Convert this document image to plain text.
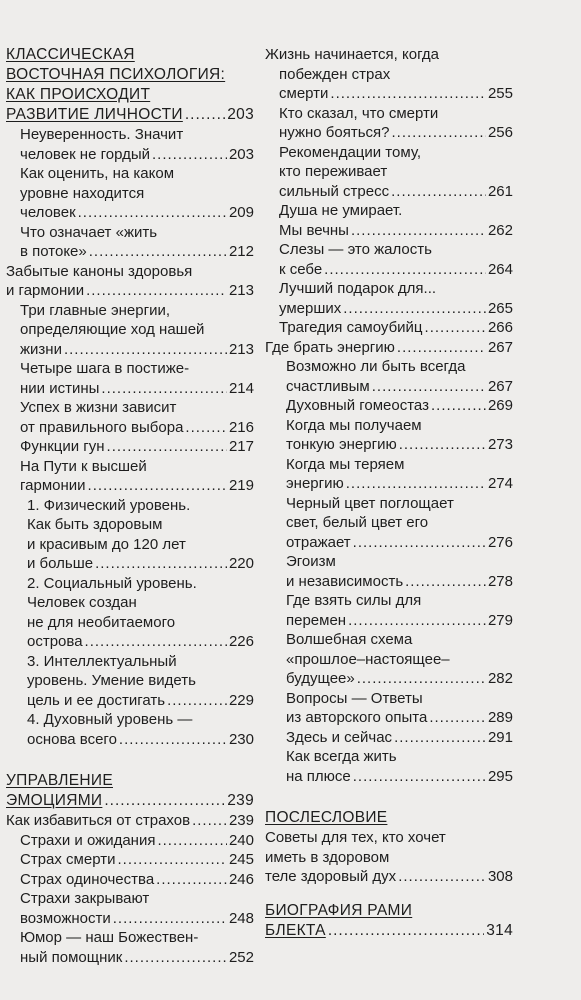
КЛАССИЧЕСКАЯ
ВОСТОЧНАЯ ПСИХОЛОГИЯ:
КАК ПРОИСХОДИТ
РАЗВИТИЕ ЛИЧНОСТИ .....	203
Неуверенность. Значит
человек не гордый .....	203
Как оценить, на каком
уровне находится
человек .....	209
Что означает «жить
в потоке» .....	212
Забытые каноны здоровья
и гармонии .....	213
Три главные энергии,
определяющие ход нашей
жизни .....	213
Четыре шага в постиже-
нии истины .....	214
Успех в жизни зависит
от правильного выбора .....	216
Функции гун .....	217
На Пути к высшей
гармонии .....	219
1. Физический уровень.
Как быть здоровым
и красивым до 120 лет
и больше .....	220
2. Социальный уровень.
Человек создан
не для необитаемого
острова .....	226
3. Интеллектуальный
уровень. Умение видеть
цель и ее достигать .....	229
4. Духовный уровень —
основа всего .....	230
УПРАВЛЕНИЕ
ЭМОЦИЯМИ .....	239
Как избавиться от страхов .....	239
Страхи и ожидания .....	240
Страх смерти .....	245
Страх одиночества .....	246
Страхи закрывают
возможности .....	248
Юмор — наш Божествен-
ный помощник .....	252
Жизнь начинается, когда
побежден страх
смерти .....	255
Кто сказал, что смерти
нужно бояться? .....	256
Рекомендации тому,
кто переживает
сильный стресс .....	261
Душа не умирает.
Мы вечны .....	262
Слезы — это жалость
к себе .....	264
Лучший подарок для...
умерших .....	265
Трагедия самоубийц .....	266
Где брать энергию .....	267
Возможно ли быть всегда
счастливым .....	267
Духовный гомеостаз .....	269
Когда мы получаем
тонкую энергию .....	273
Когда мы теряем
энергию .....	274
Черный цвет поглощает
свет, белый цвет его
отражает .....	276
Эгоизм
и независимость .....	278
Где взять силы для
перемен .....	279
Волшебная схема
«прошлое–настоящее–
будущее» .....	282
Вопросы — Ответы
из авторского опыта .....	289
Здесь и сейчас .....	291
Как всегда жить
на плюсе .....	295
ПОСЛЕСЛОВИЕ
Советы для тех, кто хочет
иметь в здоровом
теле здоровый дух .....	308
БИОГРАФИЯ РАМИ
БЛЕКТА .....	314
